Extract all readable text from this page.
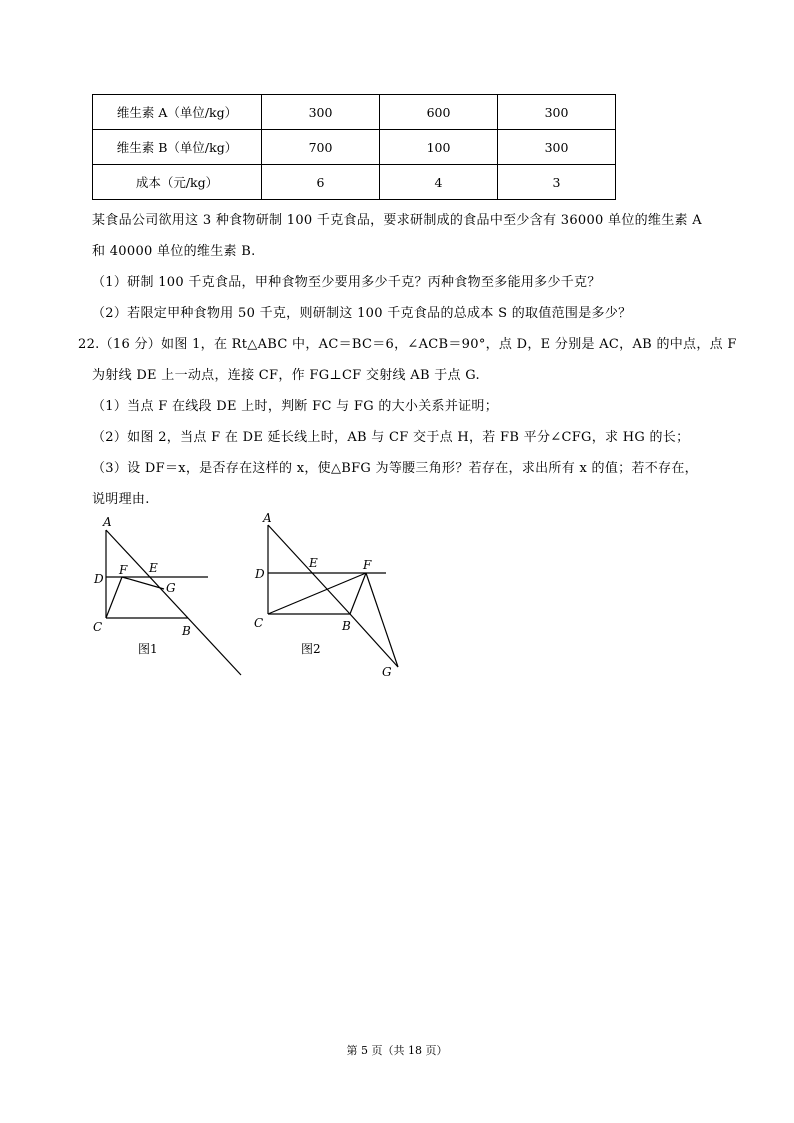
维生素 A（单位/kg）	300	600	300
维生素 B（单位/kg）	700	100	300
成本（元/kg）	6	4	3
某食品公司欲用这 3 种食物研制 100 千克食品，要求研制成的食品中至少含有 36000 单位的维生素 A
和 40000 单位的维生素 B.
（1）研制 100 千克食品，甲种食物至少要用多少千克？丙种食物至多能用多少千克？
（2）若限定甲种食物用 50 千克，则研制这 100 千克食品的总成本 S 的取值范围是多少？
22.（16 分）如图 1，在 Rt△ABC 中，AC＝BC＝6，∠ACB＝90°，点 D，E 分别是 AC，AB 的中点，点 F
为射线 DE 上一动点，连接 CF，作 FG⊥CF 交射线 AB 于点 G.
（1）当点 F 在线段 DE 上时，判断 FC 与 FG 的大小关系并证明；
（2）如图 2，当点 F 在 DE 延长线上时，AB 与 CF 交于点 H，若 FB 平分∠CFG，求 HG 的长；
（3）设 DF＝x，是否存在这样的 x，使△BFG 为等腰三角形？若存在，求出所有 x 的值；若不存在，
说明理由.
A
D
F E
G
C	B
图1
A
D
E	F
C	B
G
图2
第 5 页（共 18 页）
